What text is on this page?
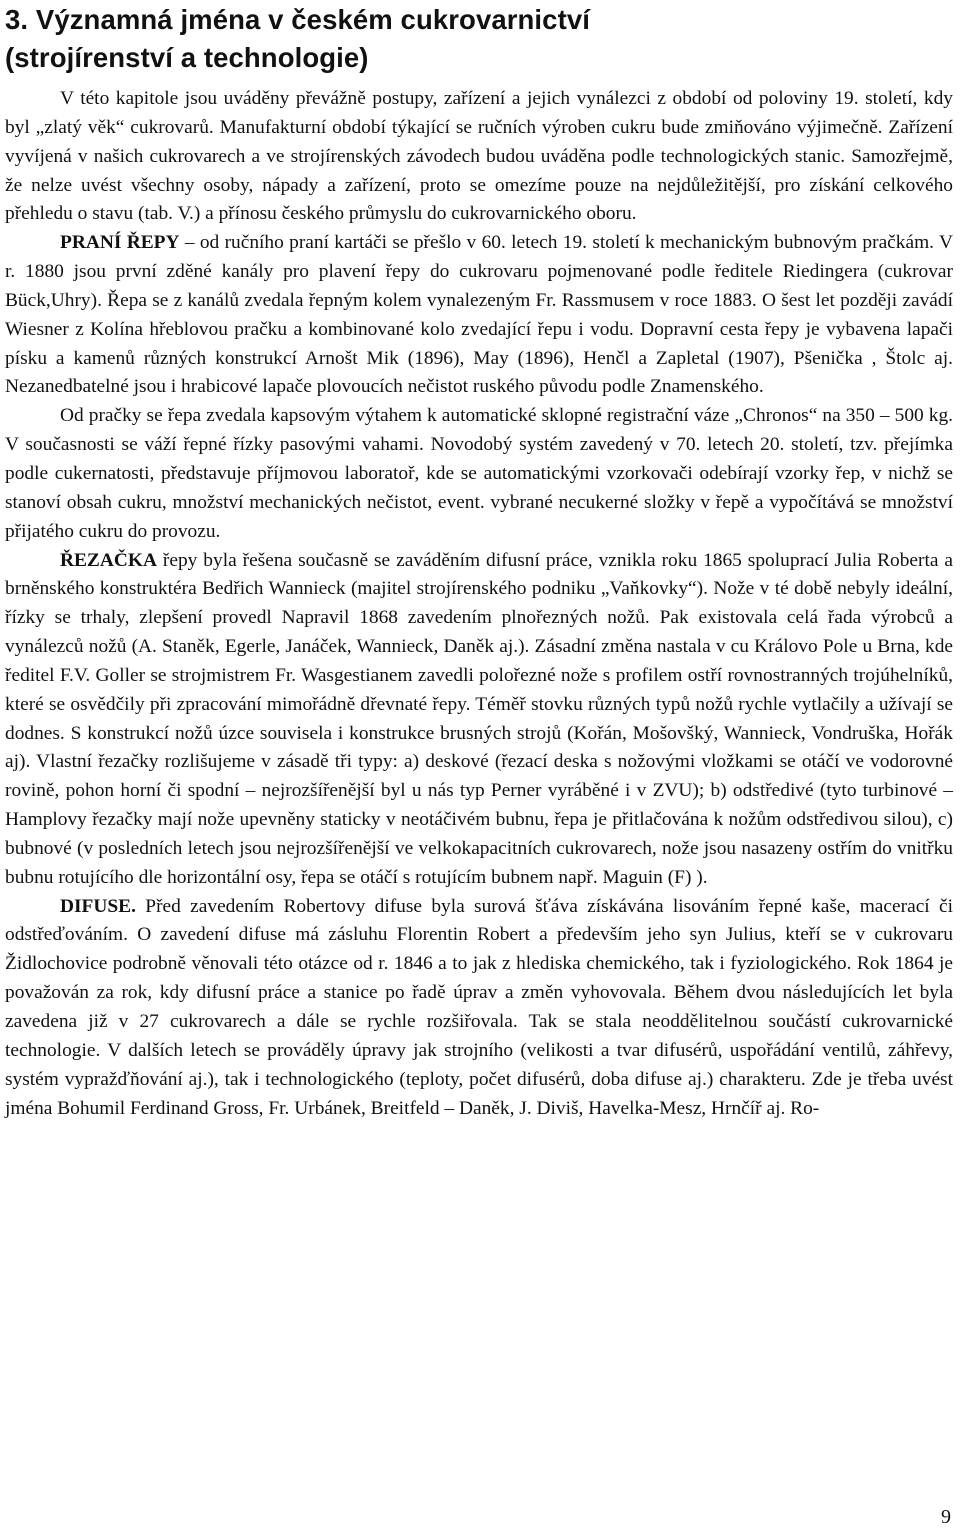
3. Významná jména v českém cukrovarnictví
(strojírenství a technologie)

V této kapitole jsou uváděny převážně postupy, zařízení a jejich vynálezci z období od poloviny 19. století, kdy byl „zlatý věk“ cukrovarů. Manufakturní období týkající se ručních výroben cukru bude zmiňováno výjimečně. Zařízení vyvíjená v našich cukrovarech a ve strojírenských závodech budou uváděna podle technologických stanic. Samozřejmě, že nelze uvést všechny osoby, nápady a zařízení, proto se omezíme pouze na nejdůležitější, pro získání celkového přehledu o stavu (tab. V.) a přínosu českého průmyslu do cukrovarnického oboru.

PRANÍ ŘEPY – od ručního praní kartáči se přešlo v 60. letech 19. století k mechanickým bubnovým pračkám. V r. 1880 jsou první zděné kanály pro plavení řepy do cukrovaru pojmenované podle ředitele Riedingera (cukrovar Bück,Uhry). Řepa se z kanálů zvedala řepným kolem vynalezeným Fr. Rassmusem v roce 1883. O šest let později zavádí Wiesner z Kolína hřeblovou pračku a kombinované kolo zvedající řepu i vodu. Dopravní cesta řepy je vybavena lapači písku a kamenů různých konstrukcí Arnošt Mik (1896), May (1896), Henčl a Zapletal (1907), Pšenička , Štolc aj. Nezanedbatelné jsou i hrabicové lapače plovoucích nečistot ruského původu podle Znamenského.

Od pračky se řepa zvedala kapsovým výtahem k automatické sklopné registrační váze „Chronos“ na 350 – 500 kg. V současnosti se váží řepné řízky pasovými vahami. Novodobý systém zavedený v 70. letech 20. století, tzv. přejímka podle cukernatosti, představuje příjmovou laboratoř, kde se automatickými vzorkovači odebírají vzorky řep, v nichž se stanoví obsah cukru, množství mechanických nečistot, event. vybrané necukerné složky v řepě a vypočítává se množství přijatého cukru do provozu.

ŘEZAČKA řepy byla řešena současně se zaváděním difusní práce, vznikla roku 1865 spoluprací Julia Roberta a brněnského konstruktéra Bedřich Wannieck (majitel strojírenského podniku „Vaňkovky“). Nože v té době nebyly ideální, řízky se trhaly, zlepšení provedl Napravil 1868 zavedením plnořezných nožů. Pak existovala celá řada výrobců a vynálezců nožů (A. Staněk, Egerle, Janáček, Wannieck, Daněk aj.). Zásadní změna nastala v cu Královo Pole u Brna, kde ředitel F.V. Goller se strojmistrem Fr. Wasgestianem zavedli polořezné nože s profilem ostří rovnostranných trojúhelníků, které se osvědčily při zpracování mimořádně dřevnaté řepy. Téměř stovku různých typů nožů rychle vytlačily a užívají se dodnes. S konstrukcí nožů úzce souvisela i konstrukce brusných strojů (Kořán, Mošovšký, Wannieck, Vondruška, Hořák aj). Vlastní řezačky rozlišujeme v zásadě tři typy: a) deskové (řezací deska s nožovými vložkami se otáčí ve vodorovné rovině, pohon horní či spodní – nejrozšířenější byl u nás typ Perner vyráběné i v ZVU); b) odstředivé (tyto turbinové – Hamplovy řezačky mají nože upevněny staticky v neotáčivém bubnu, řepa je přitlačována k nožům odstředivou silou), c) bubnové (v posledních letech jsou nejrozšířenější ve velkokapacitních cukrovarech, nože jsou nasazeny ostřím do vnitřku bubnu rotujícího dle horizontální osy, řepa se otáčí s rotujícím bubnem např. Maguin (F) ).

DIFUSE. Před zavedením Robertovy difuse byla surová šťáva získávána lisováním řepné kaše, macerací či odstřeďováním. O zavedení difuse má zásluhu Florentin Robert a především jeho syn Julius, kteří se v cukrovaru Židlochovice podrobně věnovali této otázce od r. 1846 a to jak z hlediska chemického, tak i fyziologického. Rok 1864 je považován za rok, kdy difusní práce a stanice po řadě úprav a změn vyhovovala. Během dvou následujících let byla zavedena již v 27 cukrovarech a dále se rychle rozšiřovala. Tak se stala neoddělitelnou součástí cukrovarnické technologie. V dalších letech se prováděly úpravy jak strojního (velikosti a tvar difusérů, uspořádání ventilů, záhřevy, systém vypražďňování aj.), tak i technologického (teploty, počet difusérů, doba difuse aj.) charakteru. Zde je třeba uvést jména Bohumil Ferdinand Gross, Fr. Urbánek, Breitfeld – Daněk, J. Diviš, Havelka-Mesz, Hrnčíř aj. Ro-

9
